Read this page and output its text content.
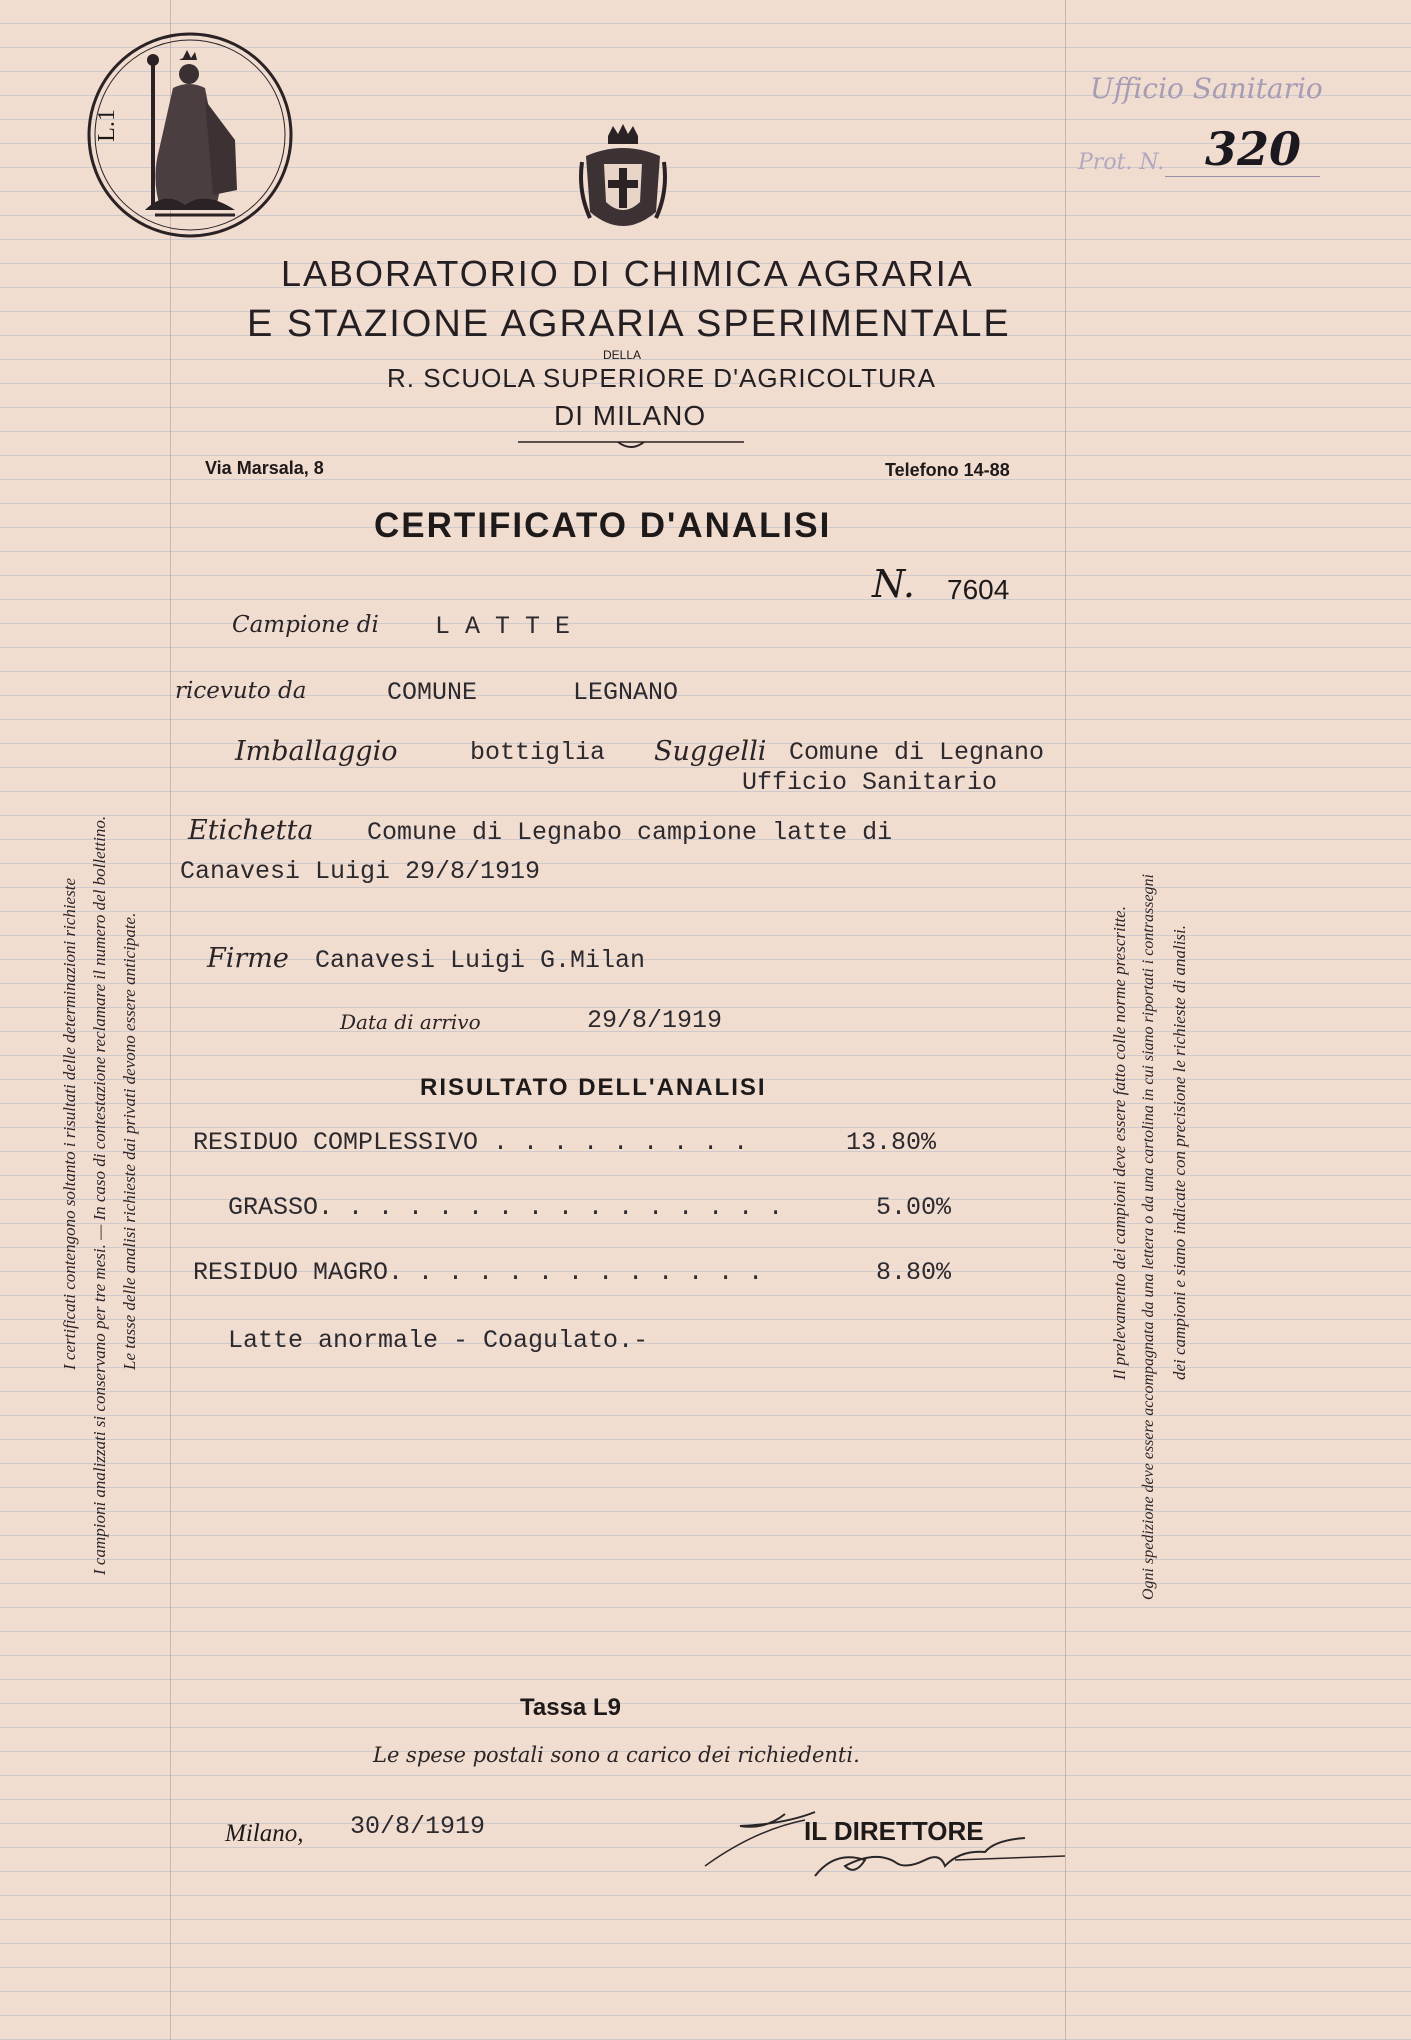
L.1
Ufficio Sanitario
Prot. N. 320
LABORATORIO DI CHIMICA AGRARIA
E STAZIONE AGRARIA SPERIMENTALE
DELLA
R. SCUOLA SUPERIORE D'AGRICOLTURA
DI MILANO
Via Marsala, 8	Telefono 14-88
CERTIFICATO D'ANALISI
N. 7604
Campione di L A T T E
ricevuto da	COMUNE	LEGNANO
Imballaggio	bottiglia Suggelli Comune di Legnano
Ufficio Sanitario
Etichetta Comune di Legnabo campione latte di
Canavesi Luigi 29/8/1919
Firme Canavesi Luigi G.Milan
Data di arrivo	29/8/1919
RISULTATO DELL'ANALISI
RESIDUO COMPLESSIVO . . . . . . . . .	13.80%
GRASSO. . . . . . . . . . . . . . . .	5.00%
RESIDUO MAGRO. . . . . . . . . . . . .	8.80%
Latte anormale - Coagulato.-
Tassa L9
Le spese postali sono a carico dei richiedenti.
Milano, 30/8/1919	IL DIRETTORE
I certificati contengono soltanto i risultati delle determinazioni richieste I campioni analizzati si conservano per tre mesi. — In caso di contestazione reclamare il numero del bollettino. Le tasse delle analisi richieste dai privati devono essere anticipate.	Il prelevamento dei campioni deve essere fatto colle norme prescritte. Ogni spedizione deve essere accompagnata da una lettera o da una cartolina in cui siano riportati i contrassegni dei campioni e siano indicate con precisione le richieste di analisi.
